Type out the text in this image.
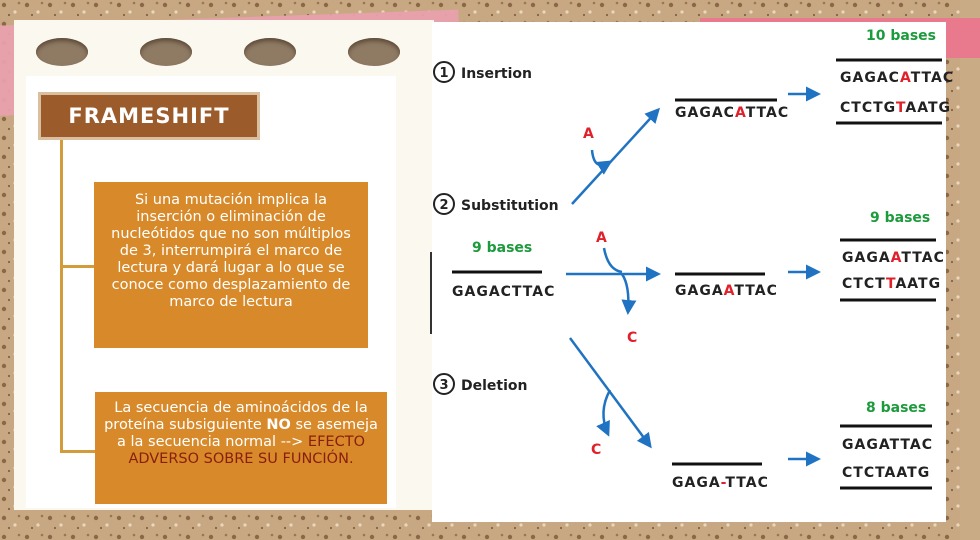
FRAMESHIFT
Si una mutación implica la inserción o eliminación de nucleótidos que no son múltiplos de 3, interrumpirá el marco de lectura y dará lugar a lo que se conoce como desplazamiento de marco de lectura
La secuencia de aminoácidos de la proteína subsiguiente NO se asemeja a la secuencia normal --> EFECTO ADVERSO SOBRE SU FUNCIÓN.
1 Insertion
2 Substitution
3 Deletion
9 bases
GAGACTTAC
A
A
C
C
GAGACATTAC
GAGAATTAC
GAGA-TTAC
10 bases
GAGACATTAC
CTCTGTAATG
9 bases
GAGAATTAC
CTCTTAATG
8 bases
GAGATTAC
CTCTAATG
